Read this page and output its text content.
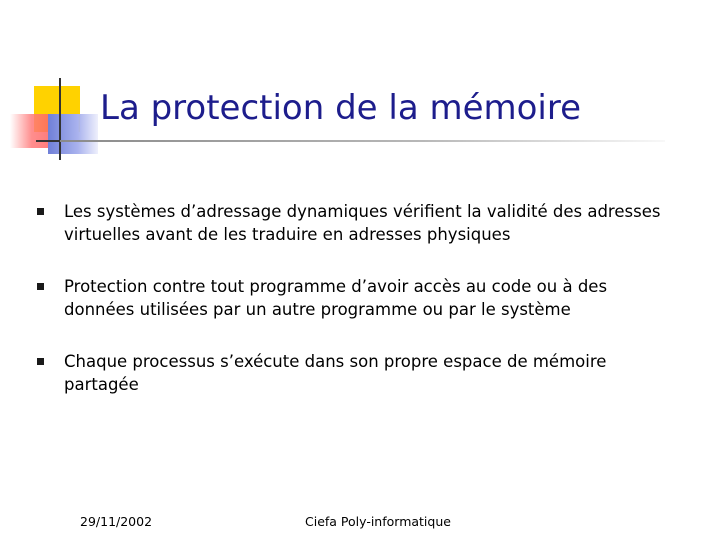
La protection de la mémoire
Les systèmes d’adressage dynamiques vérifient la validité des adresses virtuelles avant de les traduire en adresses physiques
Protection contre tout programme d’avoir accès au code ou à des données utilisées par un autre programme ou par le système
Chaque processus s’exécute dans son propre espace de mémoire partagée
29/11/2002	Ciefa Poly-informatique
